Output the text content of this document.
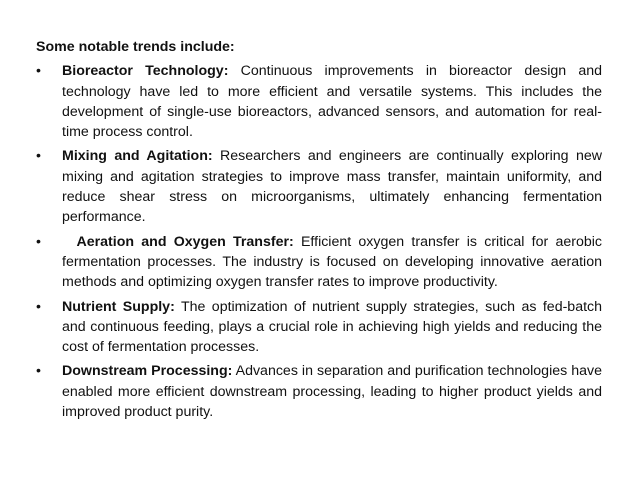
Some notable trends include:
•	Bioreactor Technology: Continuous improvements in bioreactor design and technology have led to more efficient and versatile systems. This includes the development of single-use bioreactors, advanced sensors, and automation for real-time process control.
•	Mixing and Agitation: Researchers and engineers are continually exploring new mixing and agitation strategies to improve mass transfer, maintain uniformity, and reduce shear stress on microorganisms, ultimately enhancing fermentation performance.
•	Aeration and Oxygen Transfer: Efficient oxygen transfer is critical for aerobic fermentation processes. The industry is focused on developing innovative aeration methods and optimizing oxygen transfer rates to improve productivity.
•	Nutrient Supply: The optimization of nutrient supply strategies, such as fed-batch and continuous feeding, plays a crucial role in achieving high yields and reducing the cost of fermentation processes.
•	Downstream Processing: Advances in separation and purification technologies have enabled more efficient downstream processing, leading to higher product yields and improved product purity.
